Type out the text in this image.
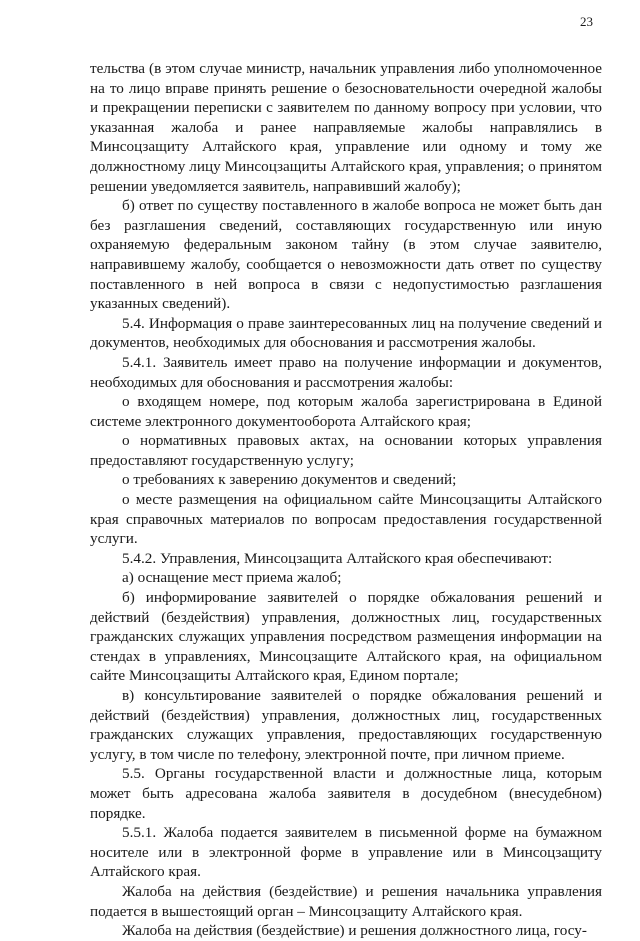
23

тельства (в этом случае министр, начальник управления либо уполномоченное на то лицо вправе принять решение о безосновательности очередной жалобы и прекращении переписки с заявителем по данному вопросу при условии, что указанная жалоба и ранее направляемые жалобы направлялись в Минсоцзащиту Алтайского края, управление или одному и тому же должностному лицу Минсоцзащиты Алтайского края, управления; о принятом решении уведомляется заявитель, направивший жалобу);

б) ответ по существу поставленного в жалобе вопроса не может быть дан без разглашения сведений, составляющих государственную или иную охраняемую федеральным законом тайну (в этом случае заявителю, направившему жалобу, сообщается о невозможности дать ответ по существу поставленного в ней вопроса в связи с недопустимостью разглашения указанных сведений).

5.4. Информация о праве заинтересованных лиц на получение сведений и документов, необходимых для обоснования и рассмотрения жалобы.

5.4.1. Заявитель имеет право на получение информации и документов, необходимых для обоснования и рассмотрения жалобы:

о входящем номере, под которым жалоба зарегистрирована в Единой системе электронного документооборота Алтайского края;

о нормативных правовых актах, на основании которых управления предоставляют государственную услугу;

о требованиях к заверению документов и сведений;

о месте размещения на официальном сайте Минсоцзащиты Алтайского края справочных материалов по вопросам предоставления государственной услуги.

5.4.2. Управления, Минсоцзащита Алтайского края обеспечивают:

а) оснащение мест приема жалоб;

б) информирование заявителей о порядке обжалования решений и действий (бездействия) управления, должностных лиц, государственных гражданских служащих управления посредством размещения информации на стендах в управлениях, Минсоцзащите Алтайского края, на официальном сайте Минсоцзащиты Алтайского края, Едином портале;

в) консультирование заявителей о порядке обжалования решений и действий (бездействия) управления, должностных лиц, государственных гражданских служащих управления, предоставляющих государственную услугу, в том числе по телефону, электронной почте, при личном приеме.

5.5. Органы государственной власти и должностные лица, которым может быть адресована жалоба заявителя в досудебном (внесудебном) порядке.

5.5.1. Жалоба подается заявителем в письменной форме на бумажном носителе или в электронной форме в управление или в Минсоцзащиту Алтайского края.

Жалоба на действия (бездействие) и решения начальника управления подается в вышестоящий орган – Минсоцзащиту Алтайского края.

Жалоба на действия (бездействие) и решения должностного лица, госу-
